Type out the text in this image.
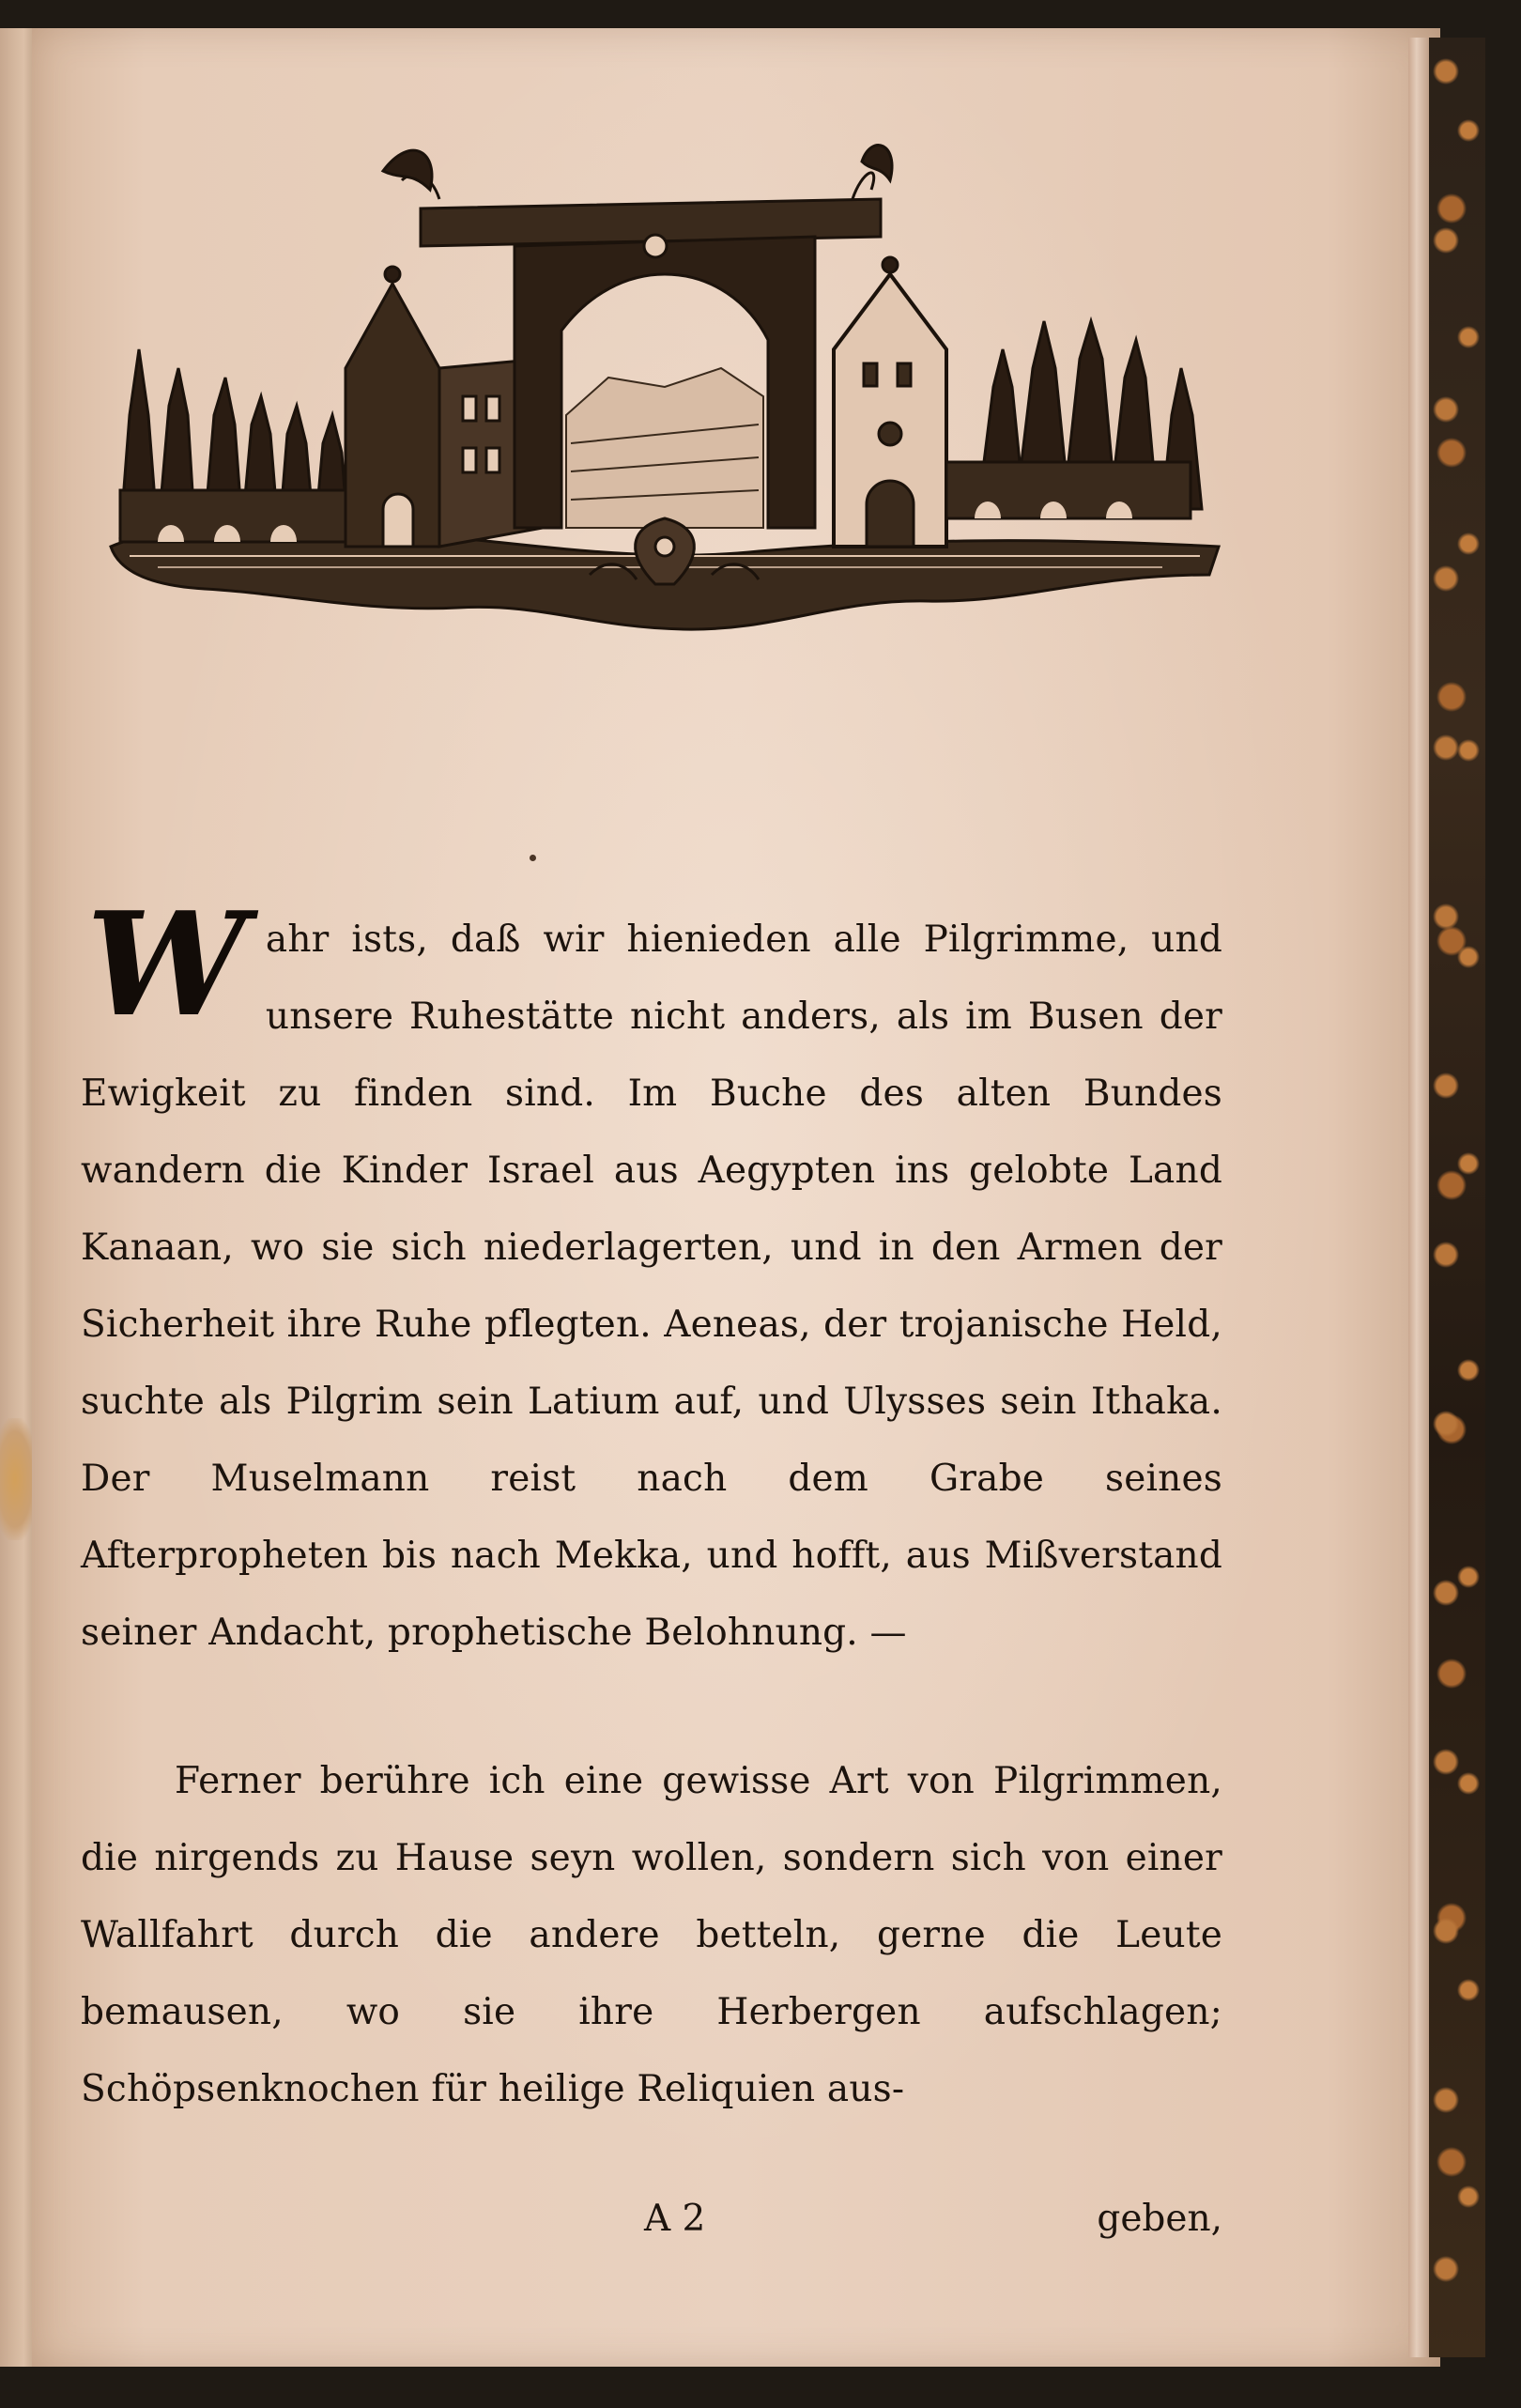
W ahr ists, daß wir hienieden alle Pilgrimme, und unsere Ruhestätte nicht anders, als im Busen der Ewigkeit zu finden sind. Im Buche des alten Bundes wandern die Kinder Israel aus Aegypten ins gelobte Land Kanaan, wo sie sich niederlagerten, und in den Armen der Sicherheit ihre Ruhe pflegten. Aeneas, der trojanische Held, suchte als Pilgrim sein Latium auf, und Ulysses sein Ithaka. Der Muselmann reist nach dem Grabe seines Afterpropheten bis nach Mekka, und hofft, aus Mißverstand seiner Andacht, prophetische Belohnung. —
Ferner berühre ich eine gewisse Art von Pilgrimmen, die nirgends zu Hause seyn wollen, sondern sich von einer Wallfahrt durch die andere betteln, gerne die Leute bemausen, wo sie ihre Herbergen aufschlagen; Schöpsenknochen für heilige Reliquien aus-
A 2	geben,
